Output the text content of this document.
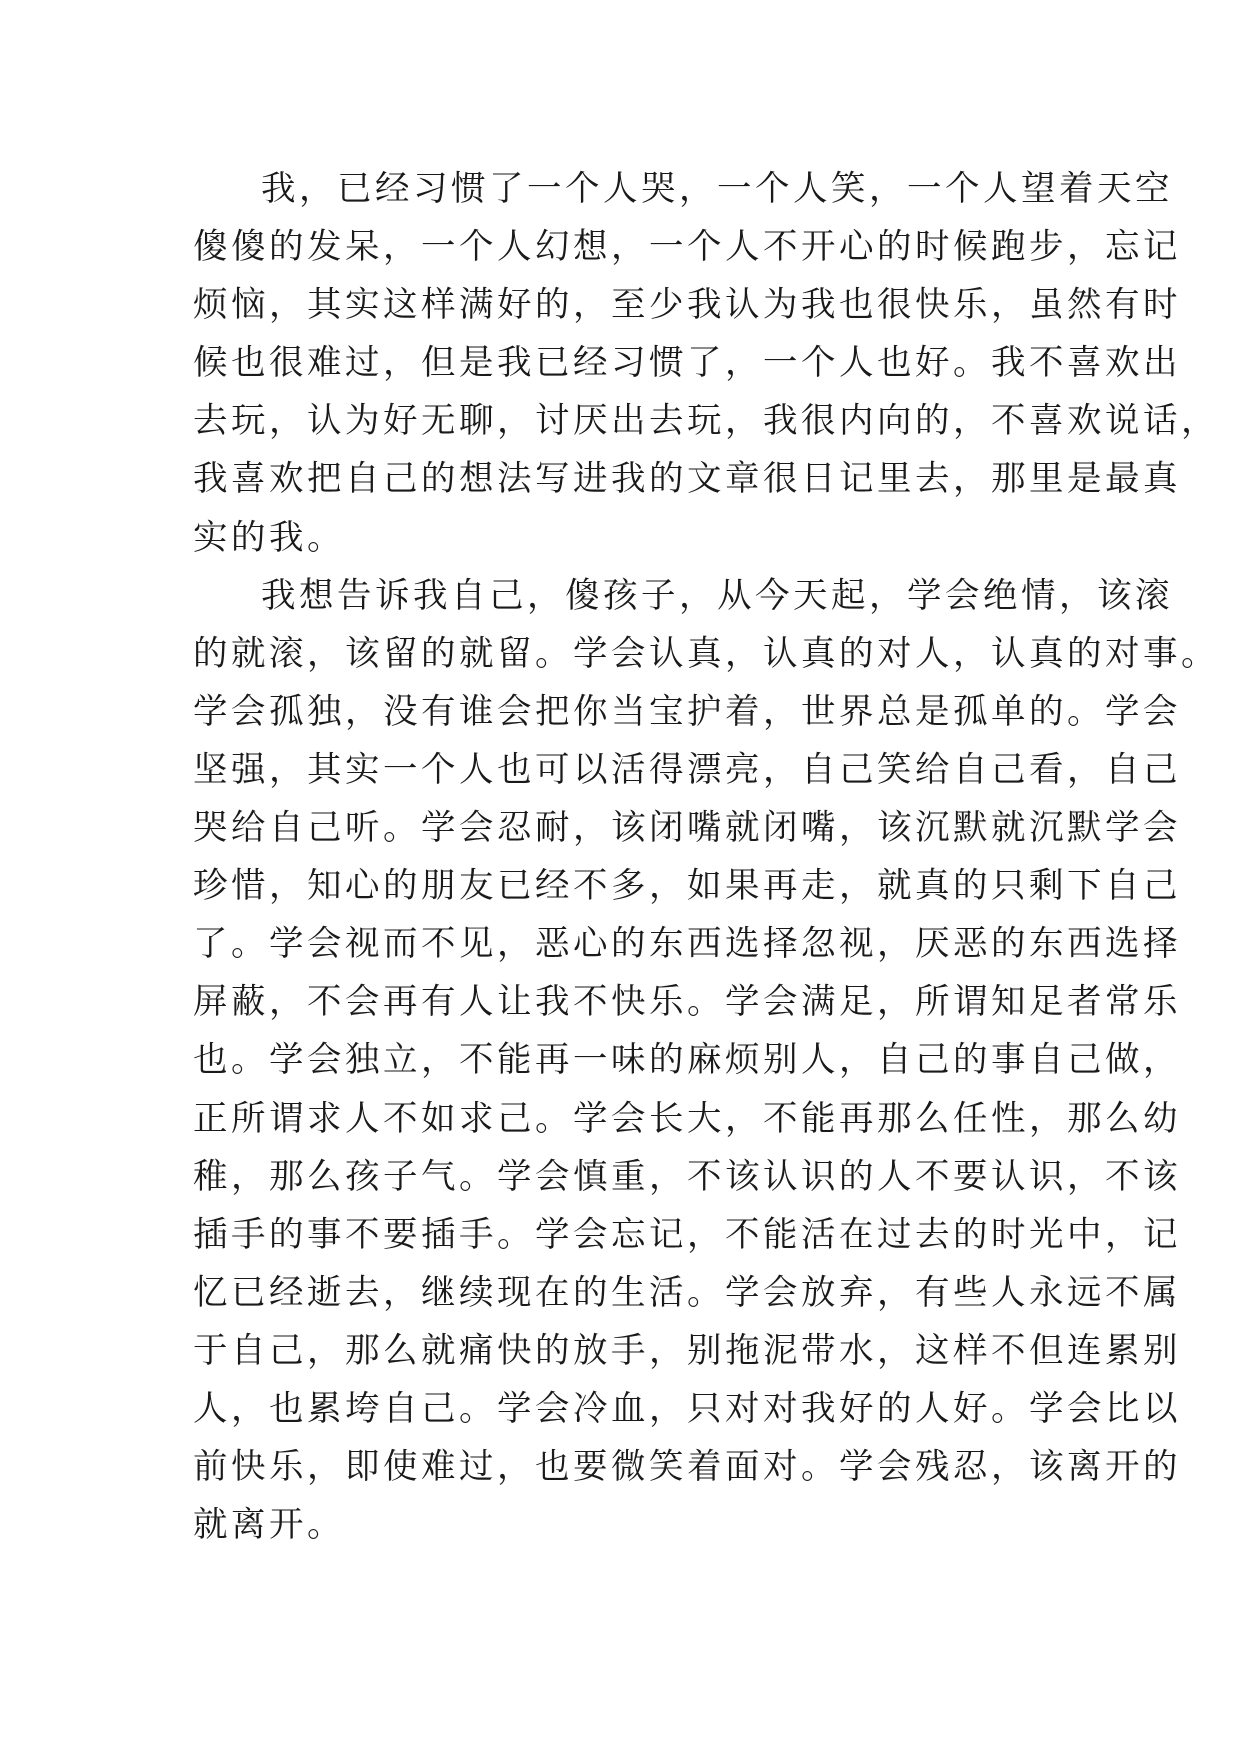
我，已经习惯了一个人哭，一个人笑，一个人望着天空
傻傻的发呆，一个人幻想，一个人不开心的时候跑步，忘记
烦恼，其实这样满好的，至少我认为我也很快乐，虽然有时
候也很难过，但是我已经习惯了，一个人也好。我不喜欢出
去玩，认为好无聊，讨厌出去玩，我很内向的，不喜欢说话，
我喜欢把自己的想法写进我的文章很日记里去，那里是最真
实的我。
我想告诉我自己，傻孩子，从今天起，学会绝情，该滚
的就滚，该留的就留。学会认真，认真的对人，认真的对事。
学会孤独，没有谁会把你当宝护着，世界总是孤单的。学会
坚强，其实一个人也可以活得漂亮，自己笑给自己看，自己
哭给自己听。学会忍耐，该闭嘴就闭嘴，该沉默就沉默学会
珍惜，知心的朋友已经不多，如果再走，就真的只剩下自己
了。学会视而不见，恶心的东西选择忽视，厌恶的东西选择
屏蔽，不会再有人让我不快乐。学会满足，所谓知足者常乐
也。学会独立，不能再一味的麻烦别人，自己的事自己做，
正所谓求人不如求己。学会长大，不能再那么任性，那么幼
稚，那么孩子气。学会慎重，不该认识的人不要认识，不该
插手的事不要插手。学会忘记，不能活在过去的时光中，记
忆已经逝去，继续现在的生活。学会放弃，有些人永远不属
于自己，那么就痛快的放手，别拖泥带水，这样不但连累别
人，也累垮自己。学会冷血，只对对我好的人好。学会比以
前快乐，即使难过，也要微笑着面对。学会残忍，该离开的
就离开。
